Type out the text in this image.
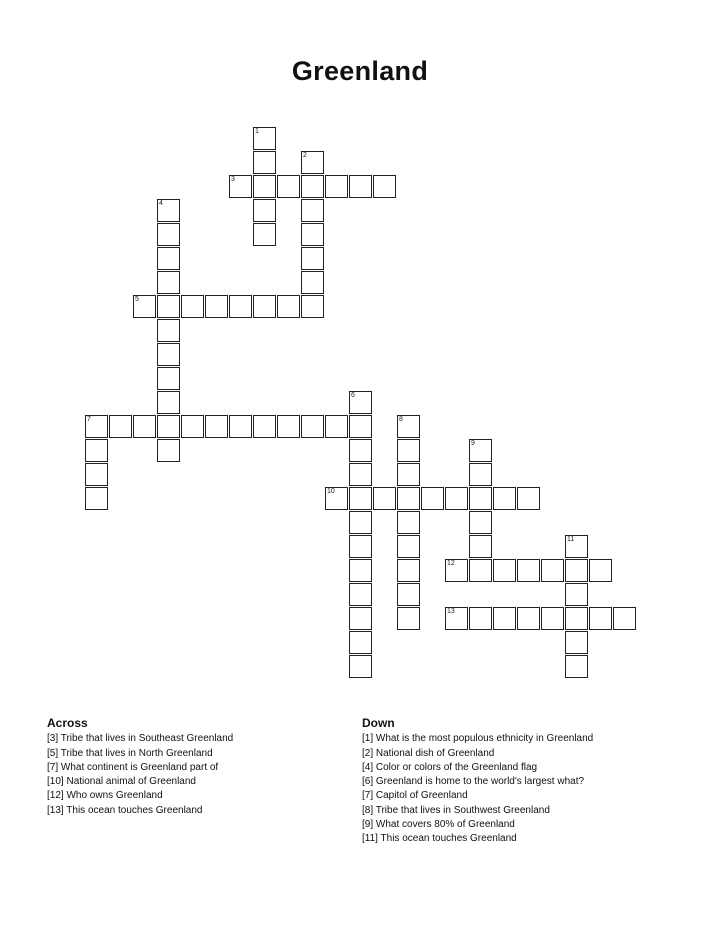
Greenland
1
2
3
4
5
6
7	8
9
10
11
12
13
Across
[3] Tribe that lives in Southeast Greenland
[5] Tribe that lives in North Greenland
[7] What continent is Greenland part of
[10] National animal of Greenland
[12] Who owns Greenland
[13] This ocean touches Greenland
Down
[1] What is the most populous ethnicity in Greenland
[2] National dish of Greenland
[4] Color or colors of the Greenland flag
[6] Greenland is home to the world's largest what?
[7] Capitol of Greenland
[8] Tribe that lives in Southwest Greenland
[9] What covers 80% of Greenland
[11] This ocean touches Greenland
